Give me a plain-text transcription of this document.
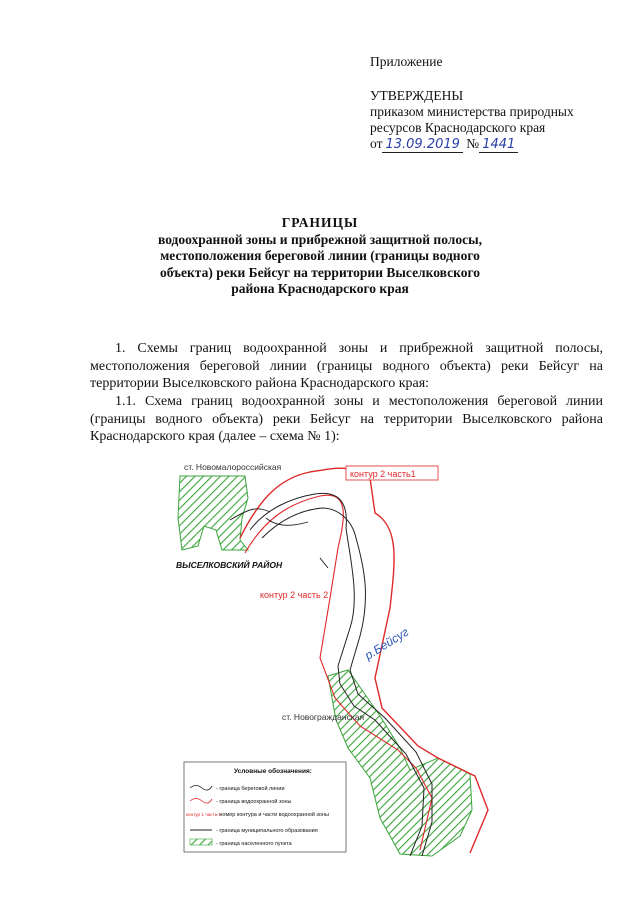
Приложение
УТВЕРЖДЕНЫ
приказом министерства природных
ресурсов Краснодарского края
от 13.09.2019 № 1441
ГРАНИЦЫ
водоохранной зоны и прибрежной защитной полосы,
местоположения береговой линии (границы водного
объекта) реки Бейсуг на территории Выселковского
района Краснодарского края
1. Схемы границ водоохранной зоны и прибрежной защитной полосы, местоположения береговой линии (границы водного объекта) реки Бейсуг на территории Выселковского района Краснодарского края:
1.1. Схема границ водоохранной зоны и местоположения береговой линии (границы водного объекта) реки Бейсуг на территории Выселковского района Краснодарского края (далее – схема № 1):
ст. Новомалороссийская
контур 2 часть1
ВЫСЕЛКОВСКИЙ РАЙОН
контур 2 часть 2
р.Бейсуг
ст. Новогражданская
Условные обозначения:
- граница береговой линии
- граница водоохранной зоны
контур 1 часть 1
- номер контура и части водоохранной зоны
- граница муниципального образования
- граница населенного пункта
